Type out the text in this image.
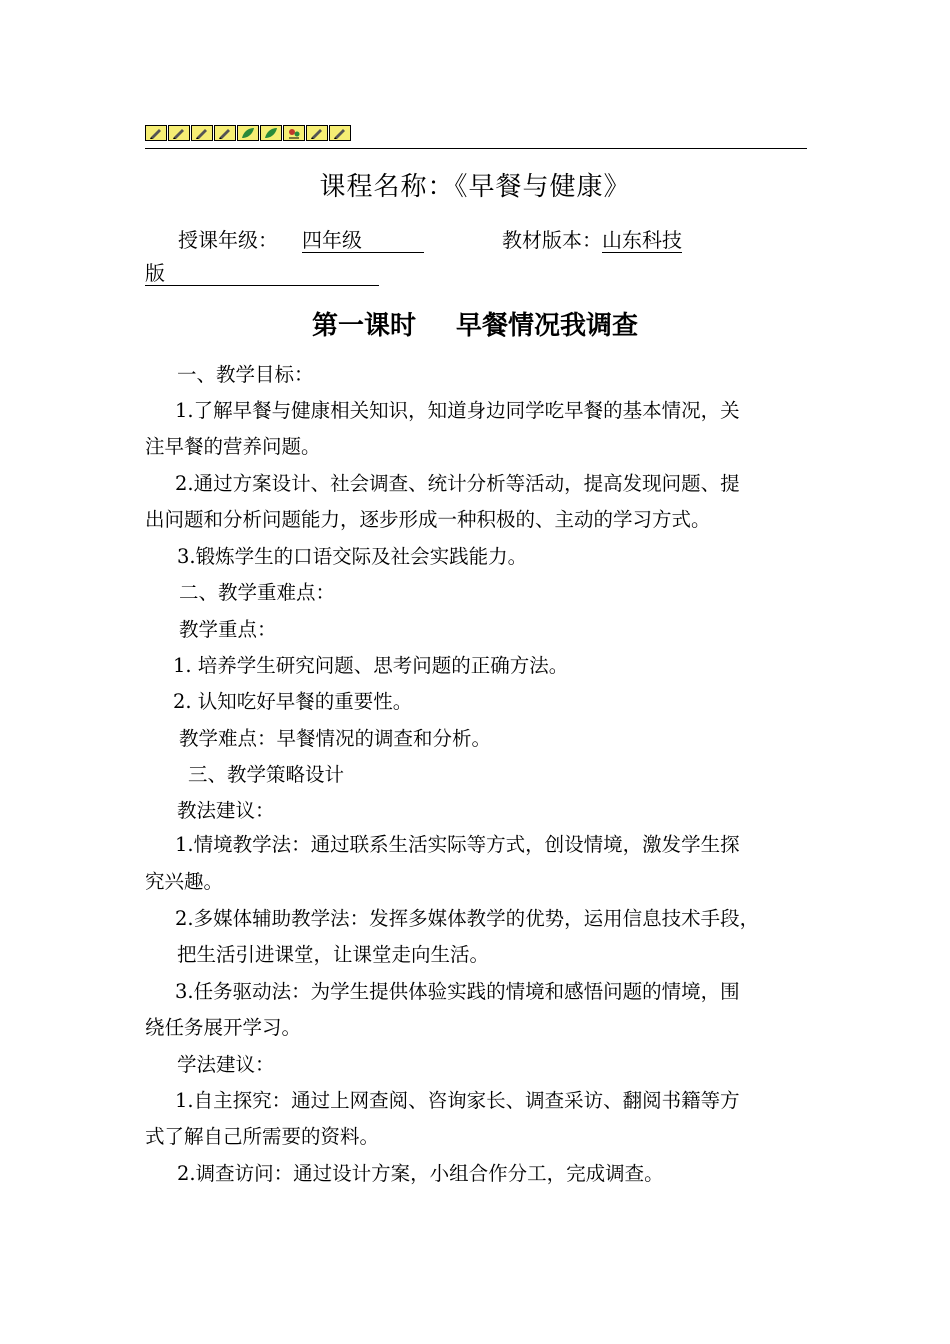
课程名称：《早餐与健康》
授课年级： 四年级	教材版本：山东科技
版
第一课时 早餐情况我调查
一、教学目标：
1.了解早餐与健康相关知识，知道身边同学吃早餐的基本情况，关
注早餐的营养问题。
2.通过方案设计、社会调查、统计分析等活动，提高发现问题、提
出问题和分析问题能力，逐步形成一种积极的、主动的学习方式。
3.锻炼学生的口语交际及社会实践能力。
二、教学重难点：
教学重点：
1. 培养学生研究问题、思考问题的正确方法。
2. 认知吃好早餐的重要性。
教学难点：早餐情况的调查和分析。
三、教学策略设计
教法建议：
1.情境教学法：通过联系生活实际等方式，创设情境，激发学生探
究兴趣。
2.多媒体辅助教学法：发挥多媒体教学的优势，运用信息技术手段，
把生活引进课堂，让课堂走向生活。
3.任务驱动法：为学生提供体验实践的情境和感悟问题的情境，围
绕任务展开学习。
学法建议：
1.自主探究：通过上网查阅、咨询家长、调查采访、翻阅书籍等方
式了解自己所需要的资料。
2.调查访问：通过设计方案，小组合作分工，完成调查。
